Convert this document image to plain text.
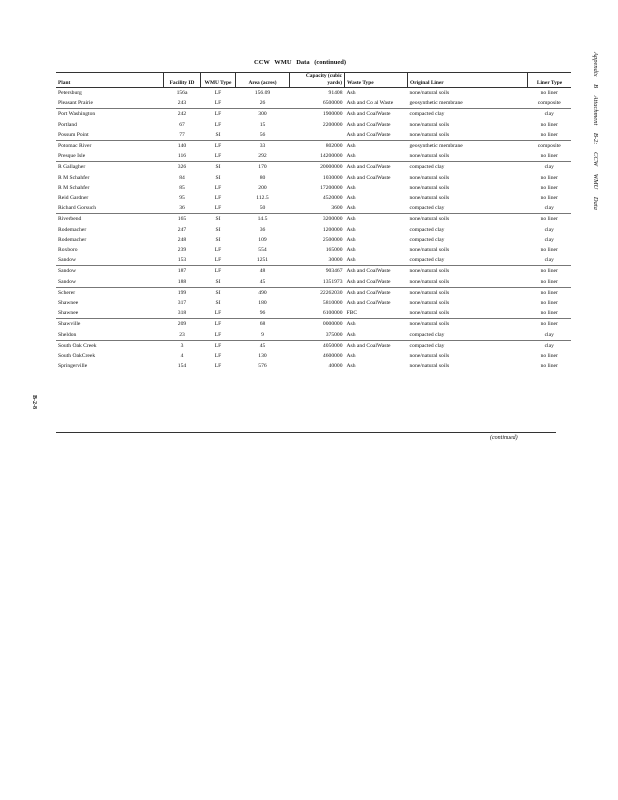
CCW WMU Data (continued)
Plant	Facility ID	WMU Type	Area (acres)	Capacity (cubic yards)	Waste Type	Original Liner	Liner Type
Petersburg	156a	LF	156.09	91408	Ash	none/natural soils	no liner
Pleasant Prairie	243	LF	26	6500000	Ash and Co al Waste	geosynthetic membrane	composite
Port Washington	242	LF	300	1900000	Ash and CoalWaste	compacted clay	clay
Portland	67	LF	15	2200000	Ash and CoalWaste	none/natural soils	no liner
Possum Point	77	SI	56		Ash and CoalWaste	none/natural soils	no liner
Potomac River	140	LF	33	802000	Ash	geosynthetic membrane	composite
Presque Isle	116	LF	292	14200000	Ash	none/natural soils	no liner
R Gallagher	326	SI	170	20000000	Ash and CoalWaste	compacted clay	clay
R M Schahfer	84	SI	80	1030000	Ash and CoalWaste	none/natural soils	no liner
R M Schahfer	85	LF	200	17200000	Ash	none/natural soils	no liner
Reid Gardner	95	LF	112.5	4520000	Ash	none/natural soils	no liner
Richard Gorsuch	36	LF	50	3600	Ash	compacted clay	clay
Riverbend	165	SI	14.5	3200000	Ash	none/natural soils	no liner
Rodemacher	247	SI	36	1200000	Ash	compacted clay	clay
Rodemacher	248	SI	109	2500000	Ash	compacted clay	clay
Roxboro	239	LF	554	165000	Ash	none/natural soils	no liner
Sandow	153	LF	1251	30000	Ash	compacted clay	clay
Sandow	187	LF	48	903467	Ash and CoalWaste	none/natural soils	no liner
Sandow	188	SI	45	1351973	Ash and CoalWaste	none/natural soils	no liner
Scherer	199	SI	490	22262030	Ash and CoalWaste	none/natural soils	no liner
Shawnee	317	SI	180	5810000	Ash and CoalWaste	none/natural soils	no liner
Shawnee	318	LF	96	6100000	FBC	none/natural soils	no liner
Shawville	209	LF	68	0000000	Ash	none/natural soils	no liner
Sheldon	23	LF	9	375000	Ash	compacted clay	clay
South Oak Creek	3	LF	45	4050000	Ash and CoalWaste	compacted clay	clay
South OakCreek	4	LF	130	4600000	Ash	none/natural soils	no liner
Springerville	154	LF	576	40000	Ash	none/natural soils	no liner
(continued)
Appendix B Attachment B-2: CCW WMU Data
B-2-8
